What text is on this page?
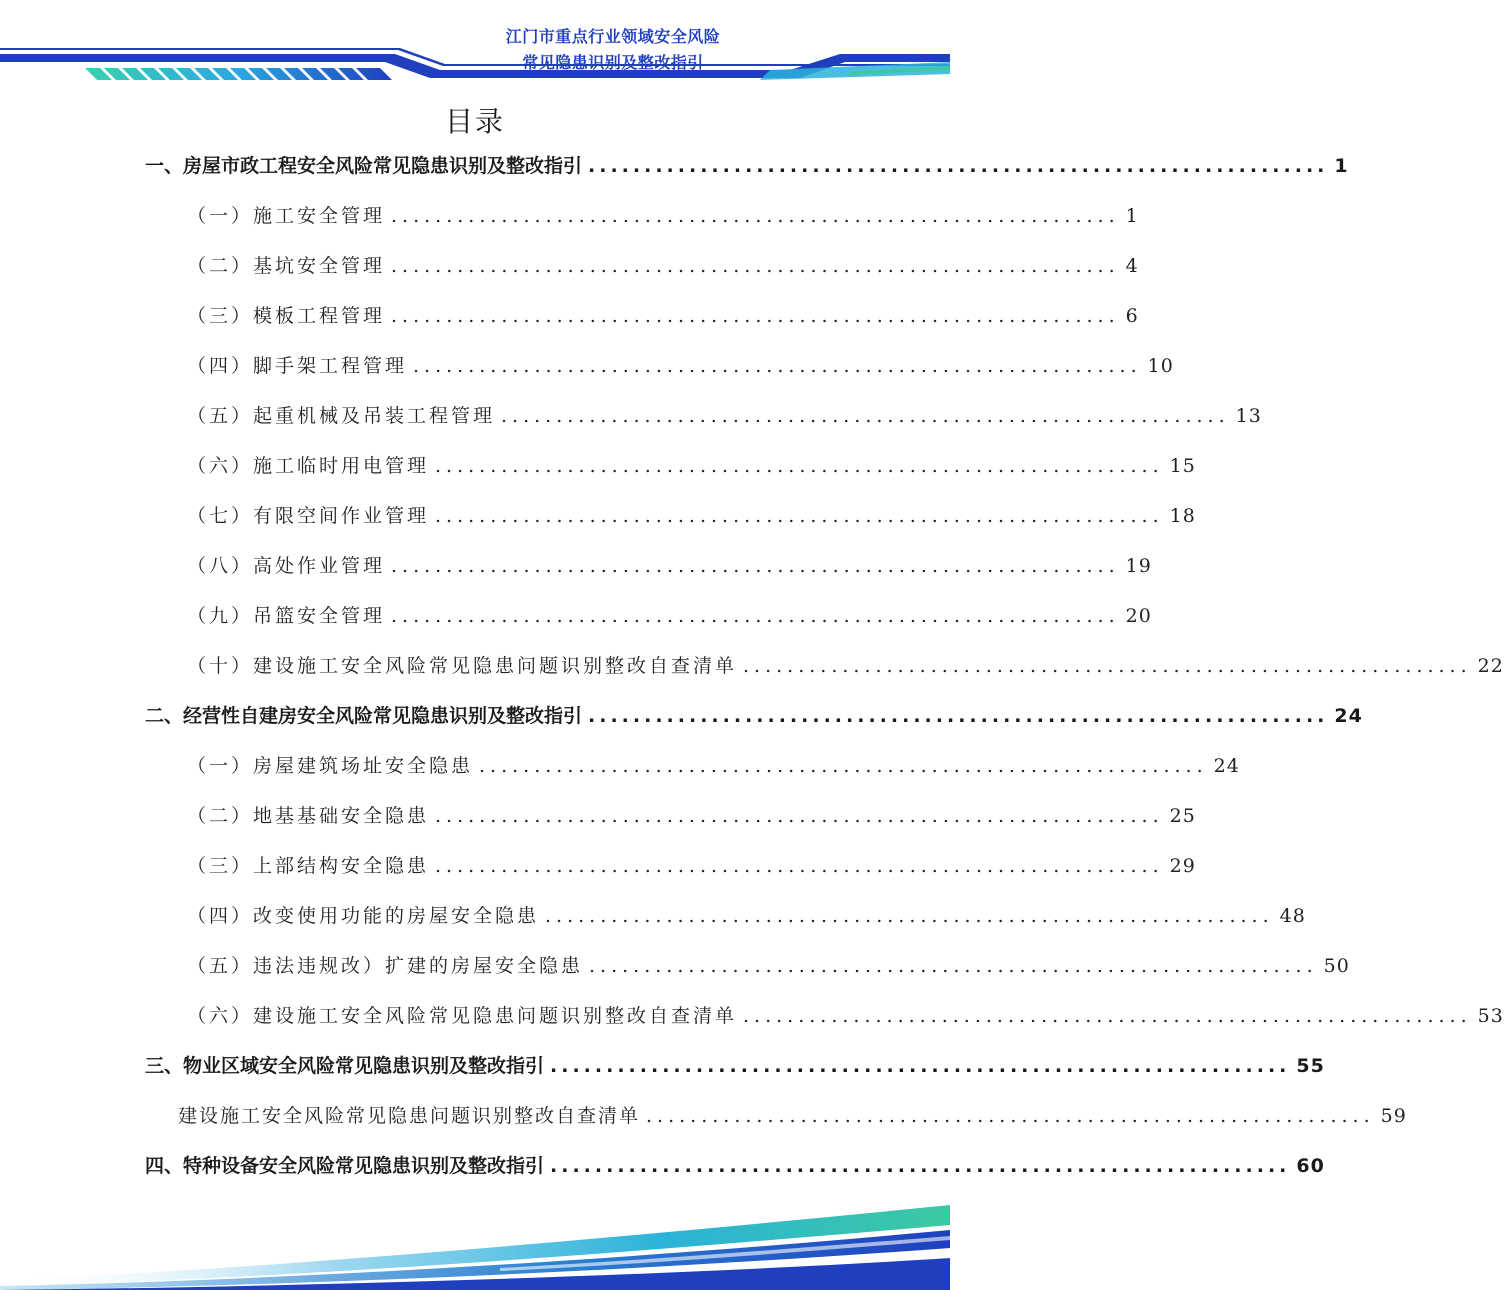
江门市重点行业领域安全风险
常见隐患识别及整改指引
目录
一、房屋市政工程安全风险常见隐患识别及整改指引 .................................................................. 1
（一）施工安全管理 .................................................................. 1
（二）基坑安全管理 .................................................................. 4
（三）模板工程管理 .................................................................. 6
（四）脚手架工程管理 .................................................................. 10
（五）起重机械及吊装工程管理 .................................................................. 13
（六）施工临时用电管理 .................................................................. 15
（七）有限空间作业管理 .................................................................. 18
（八）高处作业管理 .................................................................. 19
（九）吊篮安全管理 .................................................................. 20
（十）建设施工安全风险常见隐患问题识别整改自查清单 .................................................................. 22
二、经营性自建房安全风险常见隐患识别及整改指引 .................................................................. 24
（一）房屋建筑场址安全隐患 .................................................................. 24
（二）地基基础安全隐患 .................................................................. 25
（三）上部结构安全隐患 .................................................................. 29
（四）改变使用功能的房屋安全隐患 .................................................................. 48
（五）违法违规改）扩建的房屋安全隐患 .................................................................. 50
（六）建设施工安全风险常见隐患问题识别整改自查清单 .................................................................. 53
三、物业区域安全风险常见隐患识别及整改指引 .................................................................. 55
建设施工安全风险常见隐患问题识别整改自查清单 .................................................................. 59
四、特种设备安全风险常见隐患识别及整改指引 .................................................................. 60
